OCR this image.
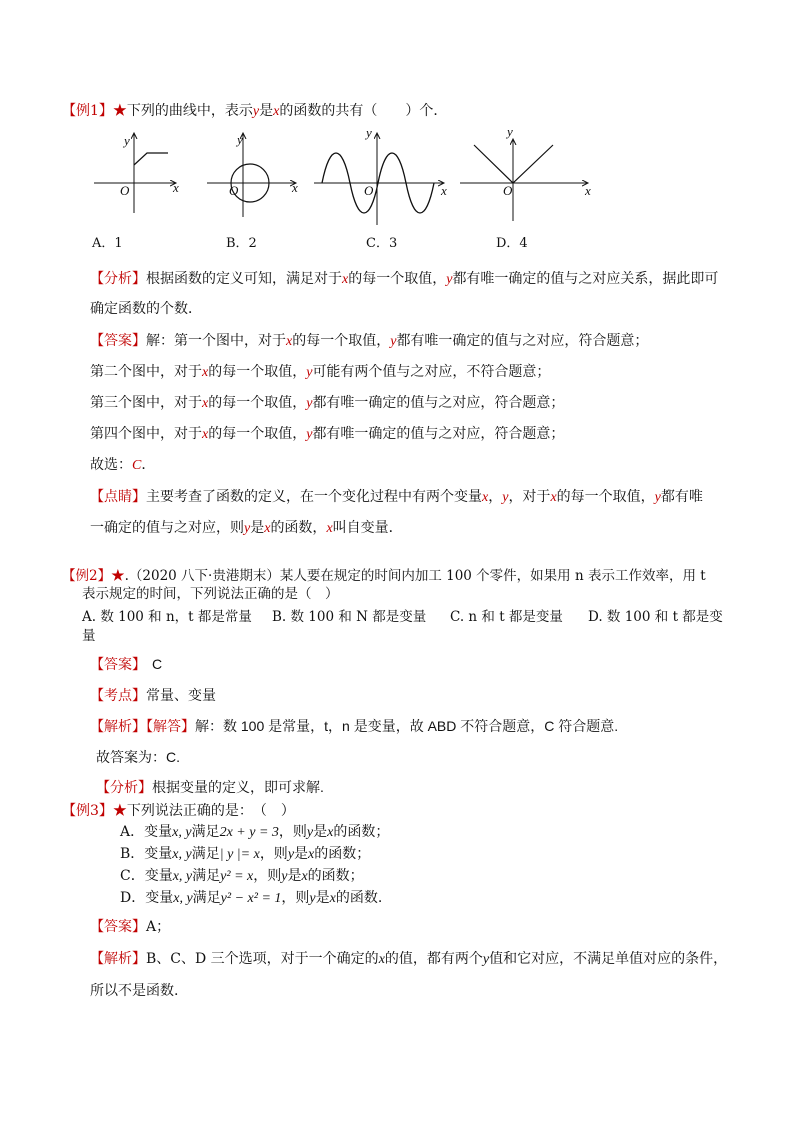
【例1】★下列的曲线中，表示y是x的函数的共有（　　）个．
y
x
O
y
x
O
y
x
O
y
x
O
A．1	B．2	C．3	D．4
【分析】根据函数的定义可知，满足对于x的每一个取值，y都有唯一确定的值与之对应关系，据此即可
确定函数的个数．
【答案】解：第一个图中，对于x的每一个取值，y都有唯一确定的值与之对应，符合题意；
第二个图中，对于x的每一个取值，y可能有两个值与之对应，不符合题意；
第三个图中，对于x的每一个取值，y都有唯一确定的值与之对应，符合题意；
第四个图中，对于x的每一个取值，y都有唯一确定的值与之对应，符合题意；
故选：C．
【点睛】主要考查了函数的定义，在一个变化过程中有两个变量x，y，对于x的每一个取值，y都有唯
一确定的值与之对应，则y是x的函数，x叫自变量．
【例2】★.（2020 八下·贵港期末）某人要在规定的时间内加工 100 个零件，如果用 n 表示工作效率，用 t
表示规定的时间，下列说法正确的是（　）
A. 数 100 和 n，t 都是常量 B. 数 100 和 N 都是变量 C. n 和 t 都是变量 D. 数 100 和 t 都是变
量
【答案】 C
【考点】常量、变量
【解析】【解答】解：数 100 是常量，t，n 是变量，故 ABD 不符合题意，C 符合题意.
故答案为：C.
【分析】根据变量的定义，即可求解.
【例3】★下列说法正确的是：　（　）
A．变量x, y满足2x + y = 3，则y是x的函数；
B．变量x, y满足| y |= x，则y是x的函数；
C．变量x, y满足y² = x，则y是x的函数；
D．变量x, y满足y² − x² = 1，则y是x的函数.
【答案】A；
【解析】B、C、D 三个选项，对于一个确定的x的值，都有两个y值和它对应，不满足单值对应的条件，
所以不是函数.
